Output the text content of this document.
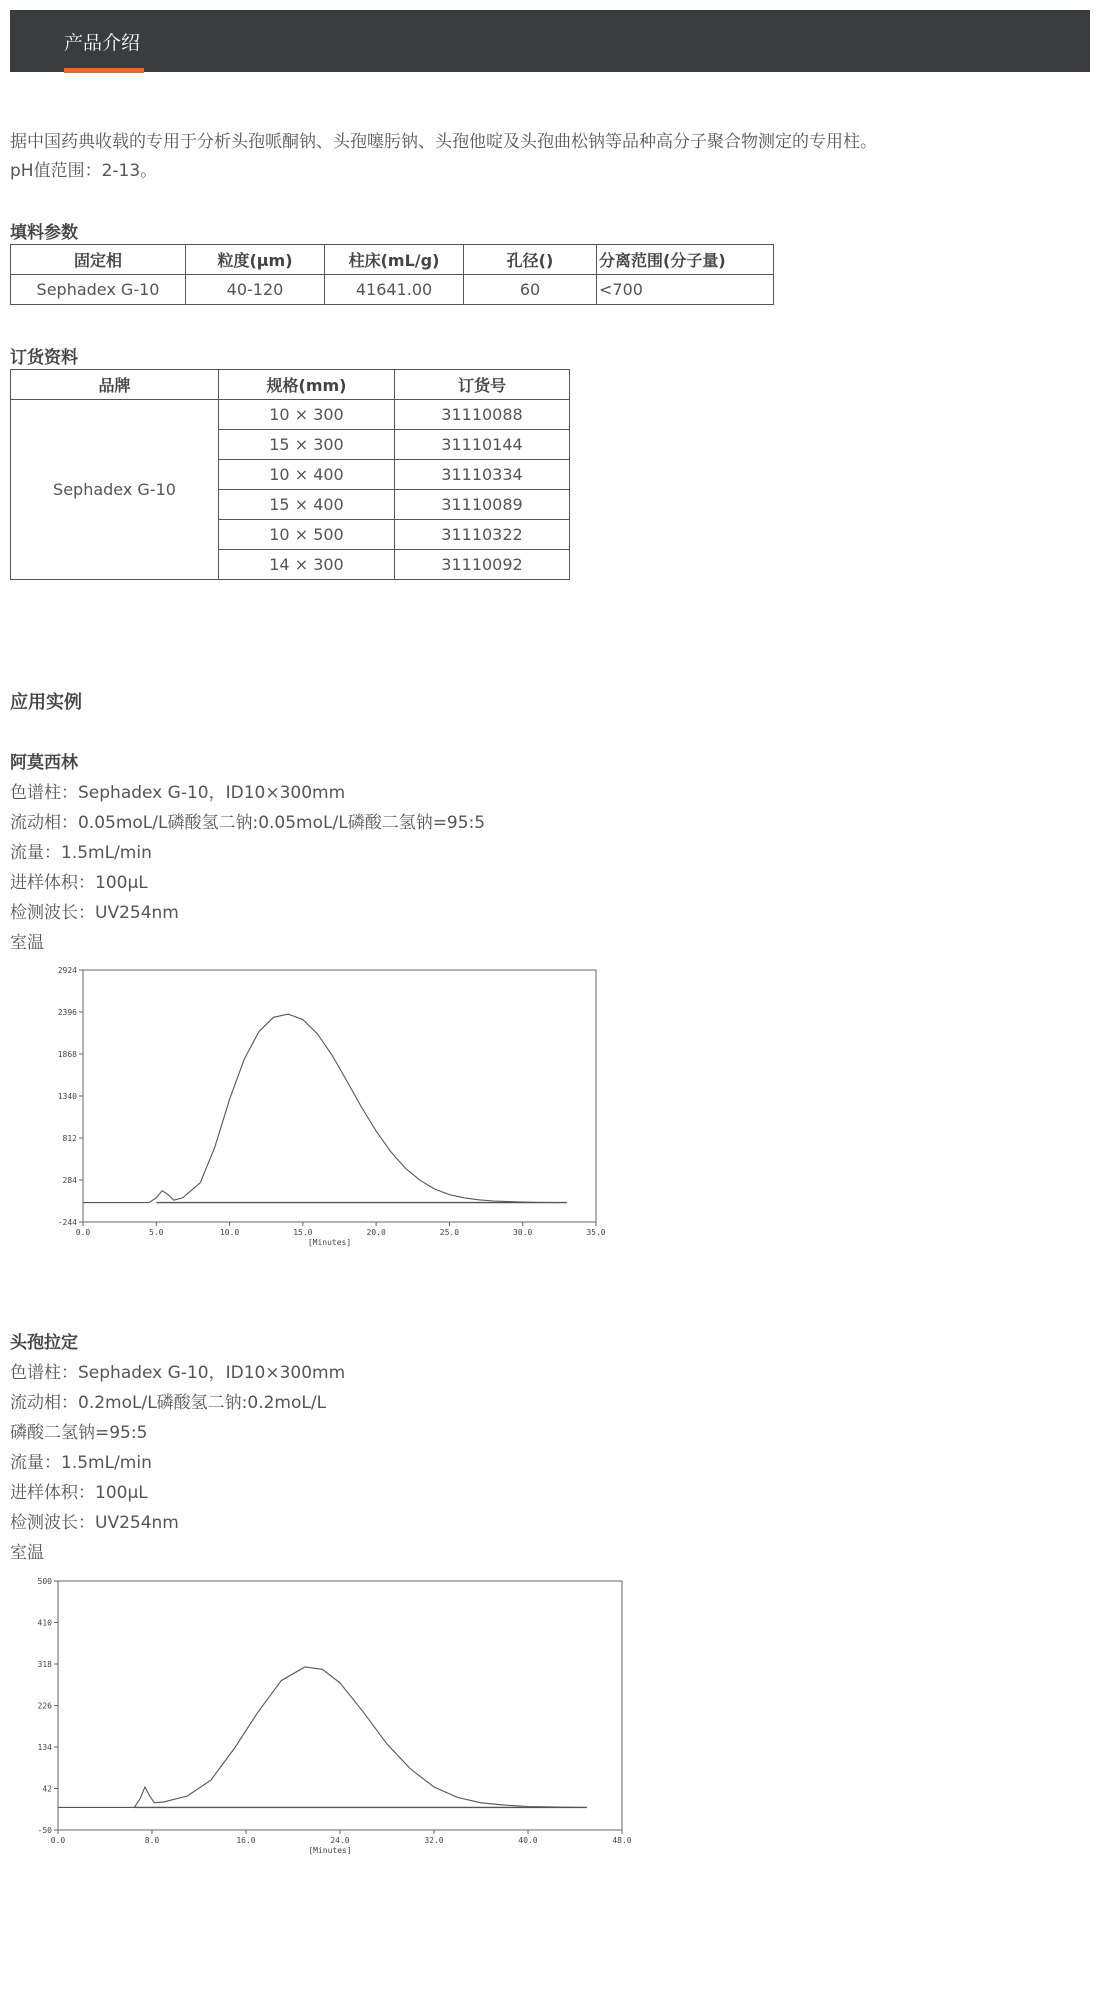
产品介绍
据中国药典收载的专用于分析头孢哌酮钠、头孢噻肟钠、头孢他啶及头孢曲松钠等品种高分子聚合物测定的专用柱。
pH值范围：2-13。
填料参数
固定相	粒度(μm)	柱床(mL/g)	孔径()	分离范围(分子量)
Sephadex G-10	40-120	41641.00	60	<700
订货资料
品牌	规格(mm)	订货号
Sephadex G-10	10 × 300	31110088
	15 × 300	31110144
	10 × 400	31110334
	15 × 400	31110089
	10 × 500	31110322
	14 × 300	31110092
应用实例
阿莫西林
色谱柱：Sephadex G-10，ID10×300mm
流动相：0.05moL/L磷酸氢二钠:0.05moL/L磷酸二氢钠=95:5
流量：1.5mL/min
进样体积：100μL
检测波长：UV254nm
室温
2924
2396
1868
1340
812
284
-244
0.0	5.0	10.0	15.0	20.0	25.0	30.0	35.0
[Minutes]
头孢拉定
色谱柱：Sephadex G-10，ID10×300mm
流动相：0.2moL/L磷酸氢二钠:0.2moL/L
磷酸二氢钠=95:5
流量：1.5mL/min
进样体积：100μL
检测波长：UV254nm
室温
500
410
318
226
134
42
-50
0.0	8.0	16.0	24.0	32.0	40.0	48.0
[Minutes]
